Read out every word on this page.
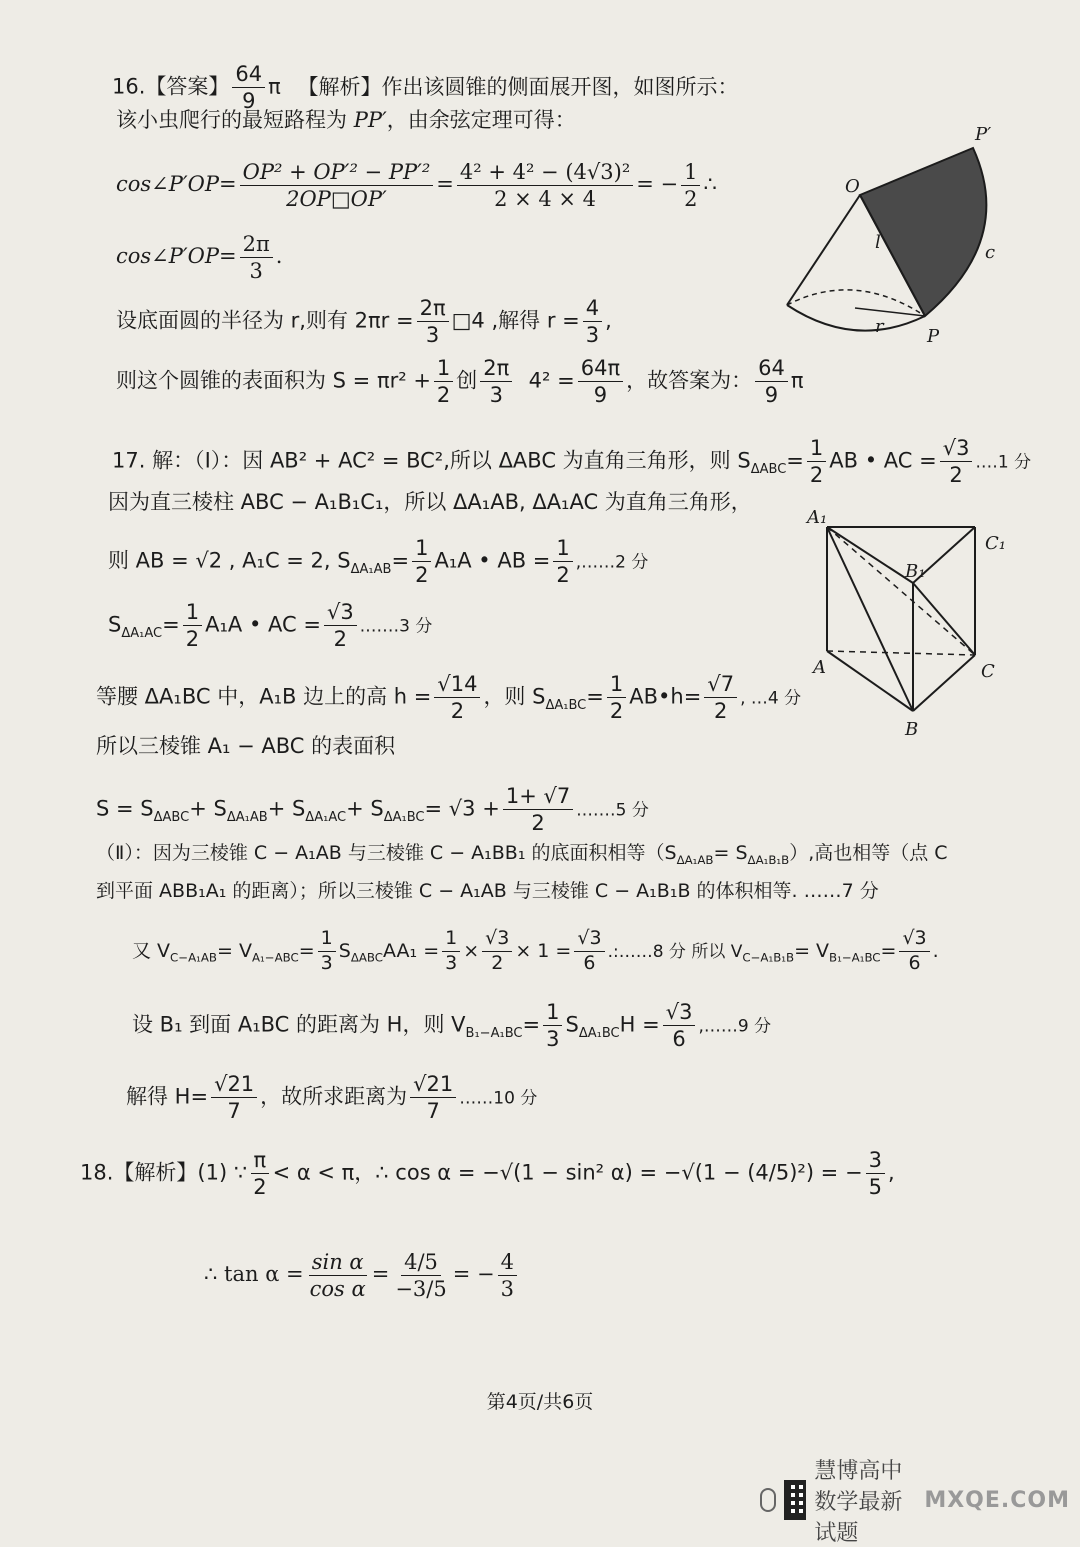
16.【答案】 $\frac{64}{9}$ π 【解析】作出该圆锥的侧面展开图，如图所示：
该小虫爬行的最短路程为 PP′，由余弦定理可得：
cos∠P′OP= $\frac{\text{OP² + OP′² − PP′²}}{2OP□OP'} = \frac{\text{4² + 4² − (4√3)²}}{2 \times 4 \times 4}$ = − $\frac{1}{2}$ ∴
cos∠P′OP= $\frac{2\pi}{3}$ .
设底面圆的半径为 r,则有 $2\pi r = \frac{2\pi}{3}$ □4 ,解得 $r = \frac{4}{3}$ ,
则这个圆锥的表面积为 $S = \pi r^2 + \frac{1}{2}$ 创 $\frac{2\pi}{3} 4^2 = \frac{64\pi}{9}$ ，故答案为： $\frac{64}{9}$ π
O
P
P′
c
l
r
17. 解：（Ⅰ）：因 AB² + AC² = BC²,所以 ΔABC 为直角三角形，则 $S_{\Delta ABC}= \frac{1}{2}$ AB • AC = $\frac{√3}{2}$ .…1 分
因为直三棱柱 ABC − A₁B₁C₁，所以 ΔA₁AB, ΔA₁AC 为直角三角形，
则 AB = √2 , A₁C = 2, $S_{\Delta A_1AB}= \frac{1}{2} A_1A$ • AB = $\frac{1}{2}$ ,……2 分
$S_{\Delta A_1AC}= \frac{1}{2} A_1A$ • AC = $\frac{√3}{2}$ .……3 分
等腰 ΔA₁BC 中，A₁B 边上的高 $h = \frac{√14}{2}$ ，则 $S_{\Delta A_1BC}= \frac{1}{2}$ AB•h= $\frac{√7}{2}$ , …4 分
所以三棱锥 A₁ − ABC 的表面积
$S = S_{\Delta ABC}+ S_{\Delta A_1AB}+ S_{\Delta A_1AC}+ S_{\Delta A_1BC}= √3 + \frac{1+ √7}{2}$ .……5 分
（Ⅱ）：因为三棱锥 C − A₁AB 与三棱锥 C − A₁BB₁ 的底面积相等$(S_{\Delta A_1AB}= S_{\Delta A_1B_1B})$,高也相等（点 C
到平面 ABB₁A₁ 的距离）；所以三棱锥 C − A₁AB 与三棱锥 C − A₁B₁B 的体积相等. ……7 分
又 $V_{C-A_1AB}= V_{A_1-ABC}= \frac{1}{3} S_{\Delta ABC}AA_1 = \frac{1}{3} \times \frac{√3}{2} \times 1 = \frac{√3}{6}$ .:……8 分 所以 $V_{C-A_1B_1B}= V_{B_1-A_1BC}= \frac{√3}{6}$ .
设 B₁ 到面 A₁BC 的距离为 H，则 $V_{B_1-A_1BC}= \frac{1}{3} S_{\Delta A_1BC}H = \frac{√3}{6}$ ,……9 分
解得 $H= \frac{√21}{7}$ ，故所求距离为 $\frac{√21}{7}$ ……10 分
A₁
B₁
C₁
A
B
C
18.【解析】(1) ∵ $\frac{\pi}{2} < \alpha < \pi$，∴ cos α = −√(1 − sin² α) = −√(1 − (4/5)²) = − $\frac{3}{5}$ ,
∴ $\tan \alpha = \frac{\text{sin α}}{\text{cos α}} = \frac{4/5}{-3/5}$ = − $\frac{4}{3}$
第4页/共6页
慧博高中数学最新试题
MXQE.COM
